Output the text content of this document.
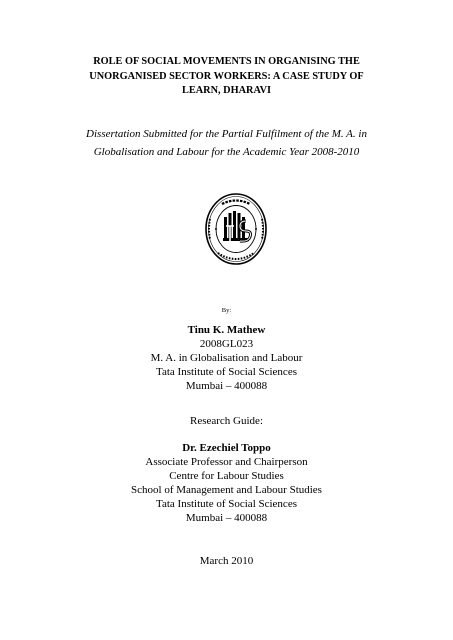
ROLE OF SOCIAL MOVEMENTS IN ORGANISING THE
UNORGANISED SECTOR WORKERS: A CASE STUDY OF
LEARN, DHARAVI
Dissertation Submitted for the Partial Fulfilment of the M. A. in
Globalisation and Labour for the Academic Year 2008-2010
By:
Tinu K. Mathew
2008GL023
M. A. in Globalisation and Labour
Tata Institute of Social Sciences
Mumbai – 400088
Research Guide:
Dr. Ezechiel Toppo
Associate Professor and Chairperson
Centre for Labour Studies
School of Management and Labour Studies
Tata Institute of Social Sciences
Mumbai – 400088
March 2010
